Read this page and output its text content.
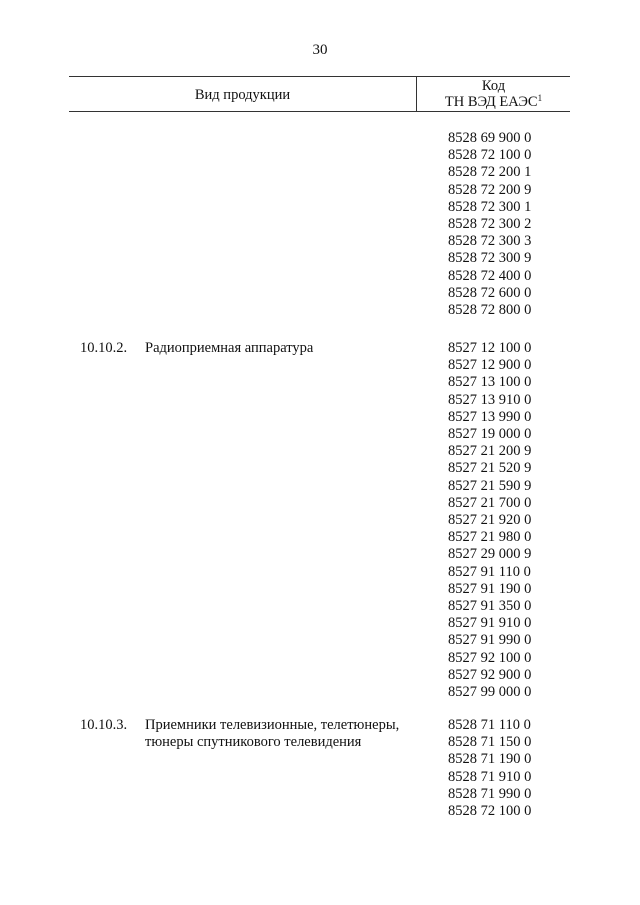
30
Вид продукции
Код
ТН ВЭД ЕАЭС$^1$
8528 69 900 0
8528 72 100 0
8528 72 200 1
8528 72 200 9
8528 72 300 1
8528 72 300 2
8528 72 300 3
8528 72 300 9
8528 72 400 0
8528 72 600 0
8528 72 800 0
10.10.2. Радиоприемная аппаратура	8527 12 100 0
8527 12 900 0
8527 13 100 0
8527 13 910 0
8527 13 990 0
8527 19 000 0
8527 21 200 9
8527 21 520 9
8527 21 590 9
8527 21 700 0
8527 21 920 0
8527 21 980 0
8527 29 000 9
8527 91 110 0
8527 91 190 0
8527 91 350 0
8527 91 910 0
8527 91 990 0
8527 92 100 0
8527 92 900 0
8527 99 000 0
10.10.3. Приемники телевизионные, телетюнеры, тюнеры спутникового телевидения
8528 71 110 0
8528 71 150 0
8528 71 190 0
8528 71 910 0
8528 71 990 0
8528 72 100 0
